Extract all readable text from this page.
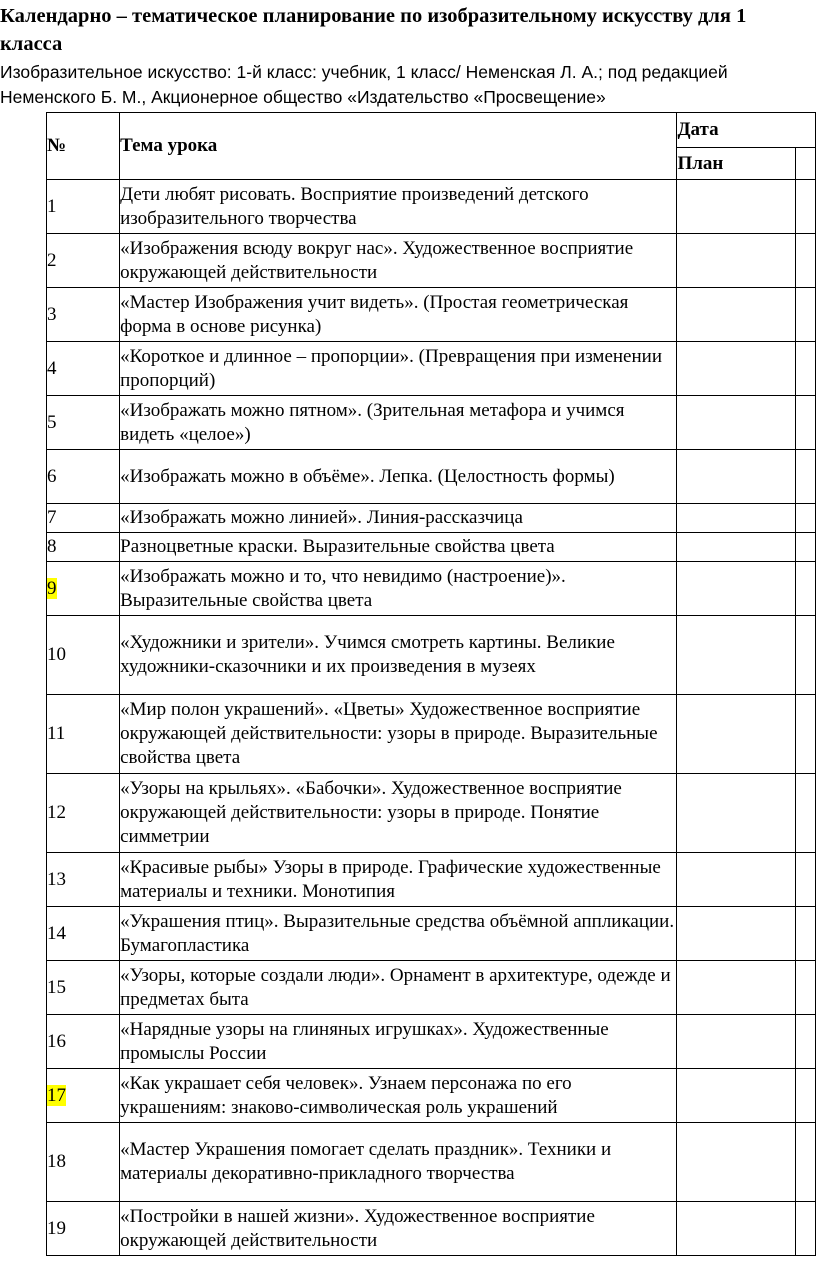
Календарно – тематическое планирование по изобразительному искусству для 1 класса
Изобразительное искусство: 1-й класс: учебник, 1 класс/ Неменская Л. А.; под редакцией Неменского Б. М., Акционерное общество «Издательство «Просвещение»
№	Тема урока	Дата	
		План	
1	Дети любят рисовать. Восприятие произведений детского изобразительного творчества		
2	«Изображения всюду вокруг нас». Художественное восприятие окружающей действительности		
3	«Мастер Изображения учит видеть». (Простая геометрическая форма в основе рисунка)		
4	«Короткое и длинное – пропорции». (Превращения при изменении пропорций)		
5	«Изображать можно пятном». (Зрительная метафора и учимся видеть «целое»)		
6	«Изображать можно в объёме». Лепка. (Целостность формы)		
7	«Изображать можно линией». Линия-рассказчица		
8	Разноцветные краски. Выразительные свойства цвета		
9	«Изображать можно и то, что невидимо (настроение)». Выразительные свойства цвета		
10	«Художники и зрители». Учимся смотреть картины. Великие художники-сказочники и их произведения в музеях		
11	«Мир полон украшений». «Цветы» Художественное восприятие окружающей действительности: узоры в природе. Выразительные свойства цвета		
12	«Узоры на крыльях». «Бабочки». Художественное восприятие окружающей действительности: узоры в природе. Понятие симметрии		
13	«Красивые рыбы» Узоры в природе. Графические художественные материалы и техники. Монотипия		
14	«Украшения птиц». Выразительные средства объёмной аппликации. Бумагопластика		
15	«Узоры, которые создали люди». Орнамент в архитектуре, одежде и предметах быта		
16	«Нарядные узоры на глиняных игрушках». Художественные промыслы России		
17	«Как украшает себя человек». Узнаем персонажа по его украшениям: знаково-символическая роль украшений		
18	«Мастер Украшения помогает сделать праздник». Техники и материалы декоративно-прикладного творчества		
19	«Постройки в нашей жизни». Художественное восприятие окружающей действительности		
